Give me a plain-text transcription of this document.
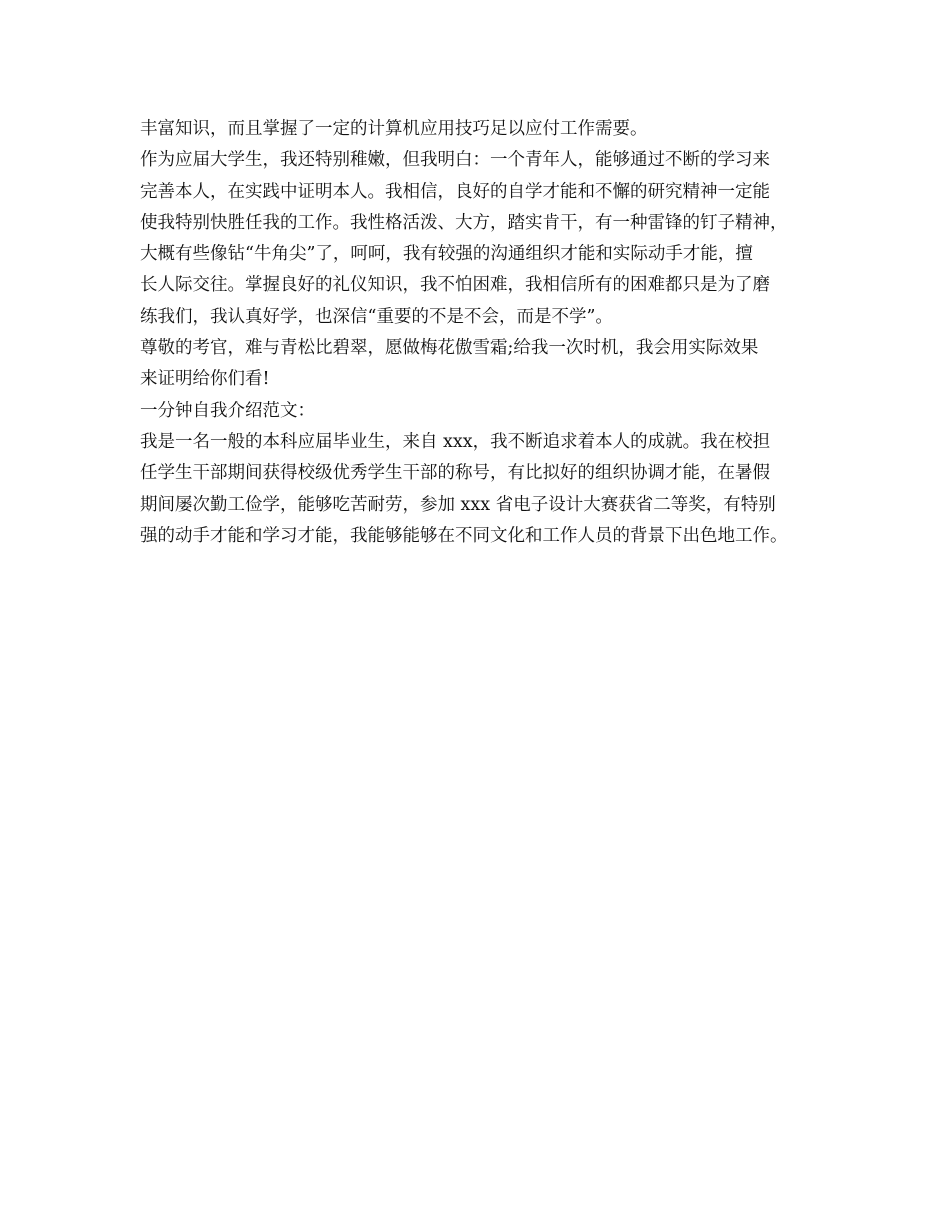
丰富知识，而且掌握了一定的计算机应用技巧足以应付工作需要。
作为应届大学生，我还特别稚嫩，但我明白：一个青年人，能够通过不断的学习来
完善本人，在实践中证明本人。我相信，良好的自学才能和不懈的研究精神一定能
使我特别快胜任我的工作。我性格活泼、大方，踏实肯干，有一种雷锋的钉子精神，
大概有些像钻“牛角尖”了，呵呵，我有较强的沟通组织才能和实际动手才能，擅
长人际交往。掌握良好的礼仪知识，我不怕困难，我相信所有的困难都只是为了磨
练我们，我认真好学，也深信“重要的不是不会，而是不学”。
尊敬的考官，难与青松比碧翠，愿做梅花傲雪霜;给我一次时机，我会用实际效果
来证明给你们看!
一分钟自我介绍范文：
我是一名一般的本科应届毕业生，来自 xxx，我不断追求着本人的成就。我在校担
任学生干部期间获得校级优秀学生干部的称号，有比拟好的组织协调才能，在暑假
期间屡次勤工俭学，能够吃苦耐劳，参加 xxx 省电子设计大赛获省二等奖，有特别
强的动手才能和学习才能，我能够能够在不同文化和工作人员的背景下出色地工作。
